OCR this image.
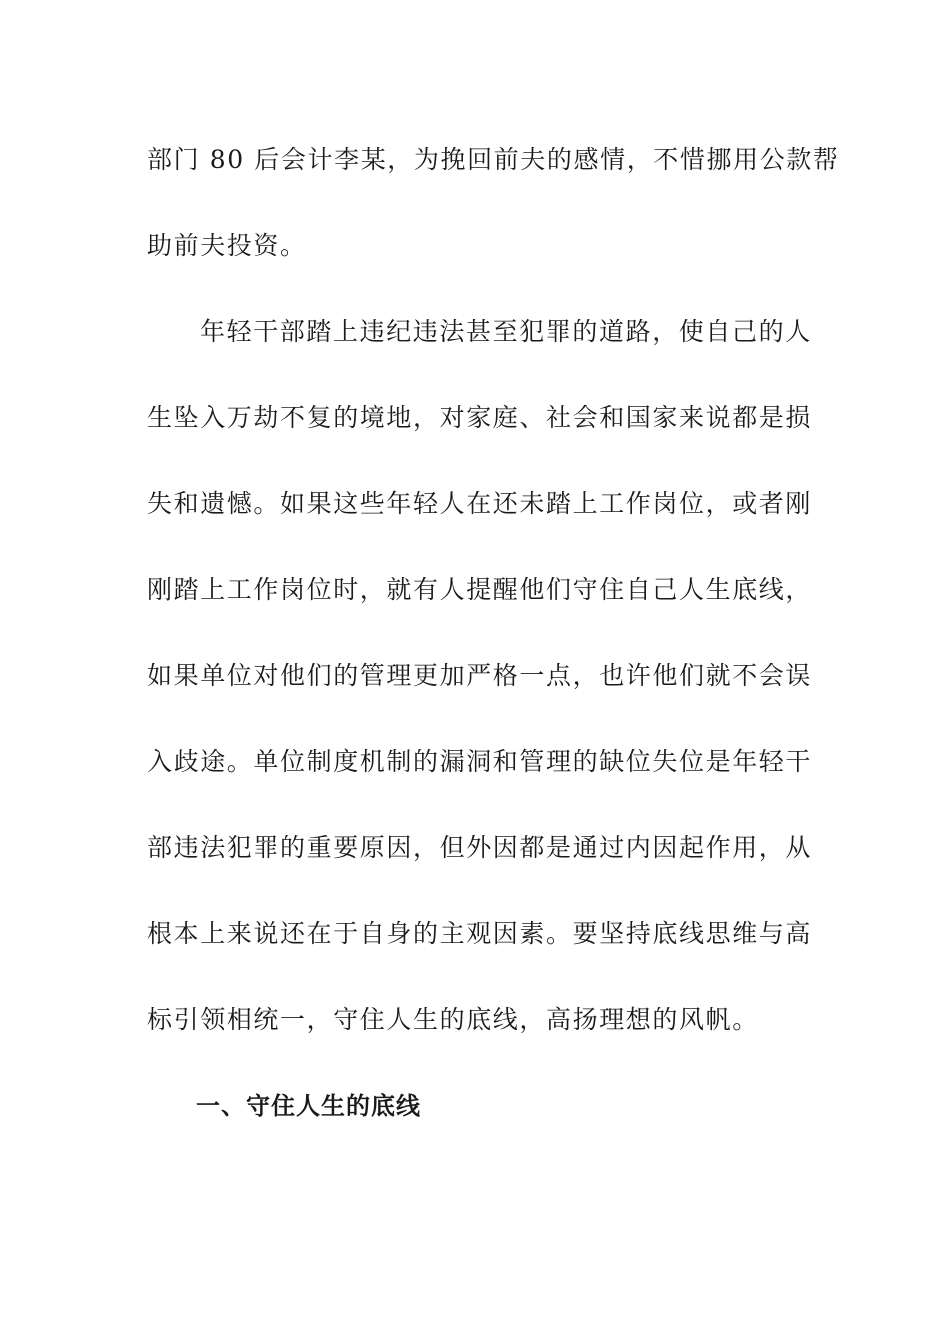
部门 80 后会计李某，为挽回前夫的感情，不惜挪用公款帮
助前夫投资。
年轻干部踏上违纪违法甚至犯罪的道路，使自己的人
生坠入万劫不复的境地，对家庭、社会和国家来说都是损
失和遗憾。如果这些年轻人在还未踏上工作岗位，或者刚
刚踏上工作岗位时，就有人提醒他们守住自己人生底线，
如果单位对他们的管理更加严格一点，也许他们就不会误
入歧途。单位制度机制的漏洞和管理的缺位失位是年轻干
部违法犯罪的重要原因，但外因都是通过内因起作用，从
根本上来说还在于自身的主观因素。要坚持底线思维与高
标引领相统一，守住人生的底线，高扬理想的风帆。
一、守住人生的底线
